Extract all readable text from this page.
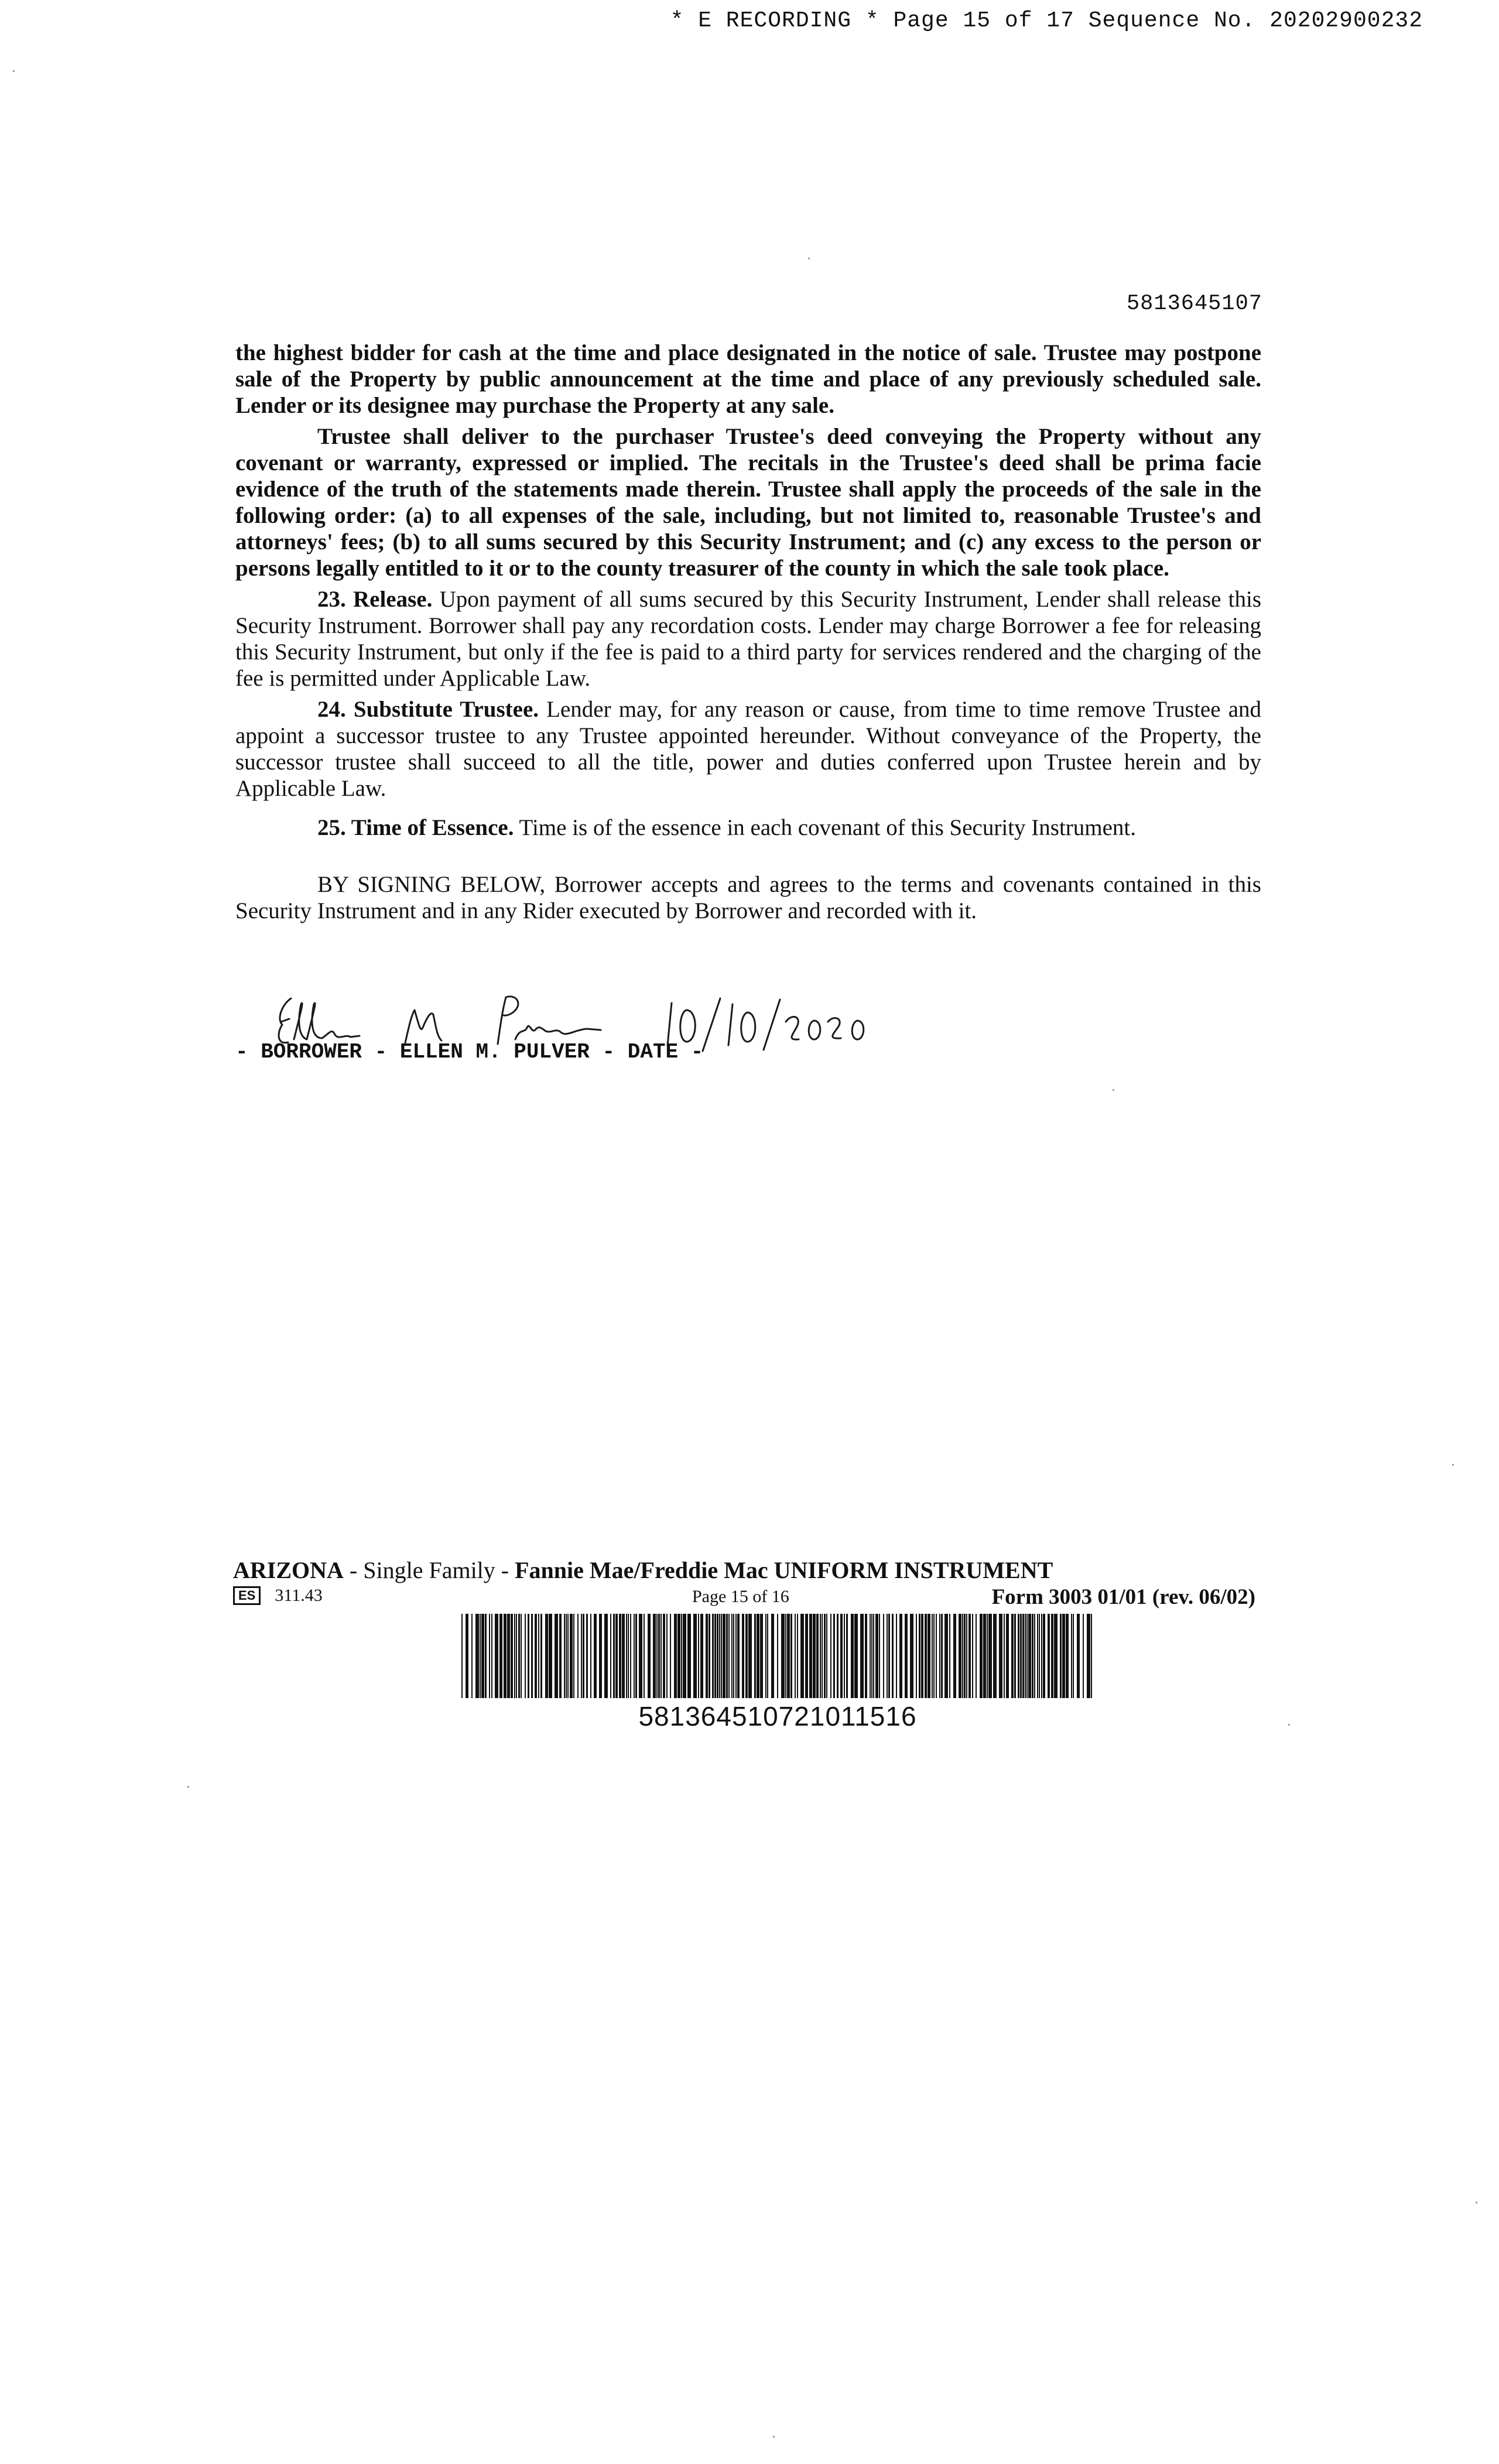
* E RECORDING * Page 15 of 17 Sequence No. 20202900232
5813645107

the highest bidder for cash at the time and place designated in the notice of sale. Trustee may postpone sale of the Property by public announcement at the time and place of any previously scheduled sale. Lender or its designee may purchase the Property at any sale.

Trustee shall deliver to the purchaser Trustee's deed conveying the Property without any covenant or warranty, expressed or implied. The recitals in the Trustee's deed shall be prima facie evidence of the truth of the statements made therein. Trustee shall apply the proceeds of the sale in the following order: (a) to all expenses of the sale, including, but not limited to, reasonable Trustee's and attorneys' fees; (b) to all sums secured by this Security Instrument; and (c) any excess to the person or persons legally entitled to it or to the county treasurer of the county in which the sale took place.

23. Release. Upon payment of all sums secured by this Security Instrument, Lender shall release this Security Instrument. Borrower shall pay any recordation costs. Lender may charge Borrower a fee for releasing this Security Instrument, but only if the fee is paid to a third party for services rendered and the charging of the fee is permitted under Applicable Law.

24. Substitute Trustee. Lender may, for any reason or cause, from time to time remove Trustee and appoint a successor trustee to any Trustee appointed hereunder. Without conveyance of the Property, the successor trustee shall succeed to all the title, power and duties conferred upon Trustee herein and by Applicable Law.

25. Time of Essence. Time is of the essence in each covenant of this Security Instrument.

BY SIGNING BELOW, Borrower accepts and agrees to the terms and covenants contained in this Security Instrument and in any Rider executed by Borrower and recorded with it.

- BORROWER - ELLEN M. PULVER - DATE -
ARIZONA - Single Family - Fannie Mae/Freddie Mac UNIFORM INSTRUMENT
ES	311.43	Page 15 of 16	Form 3003 01/01 (rev. 06/02)
581364510721011516
